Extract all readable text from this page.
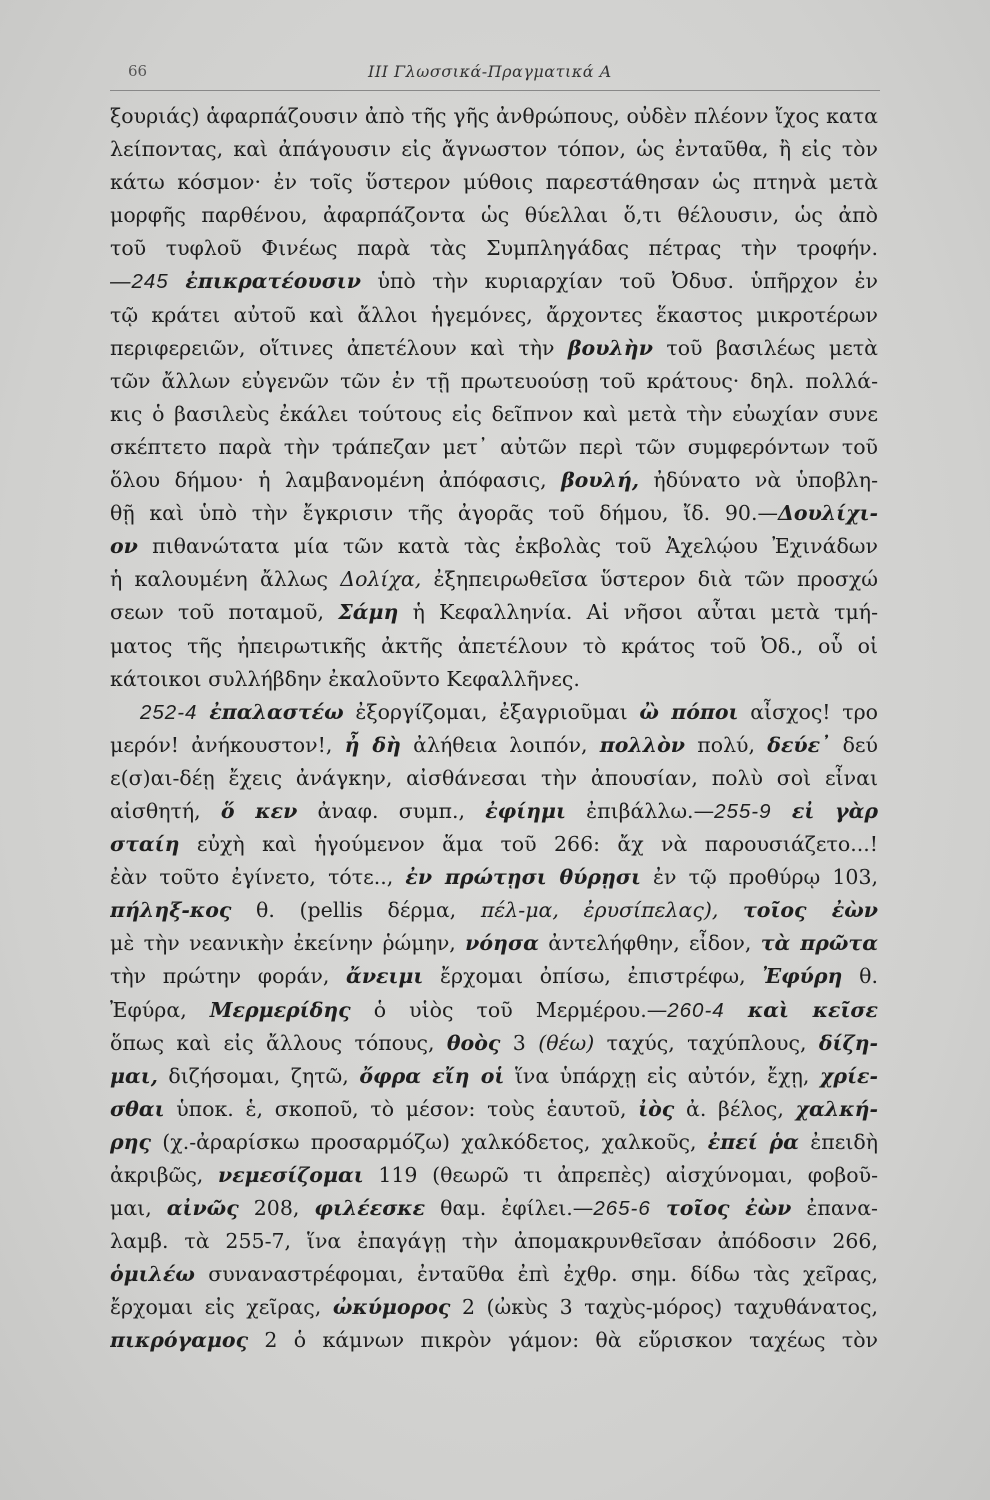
66	III Γλωσσικά-Πραγματικά Α
ξουριάς) ἁφαρπάζουσιν ἀπὸ τῆς γῆς ἀνθρώπους, οὐδὲν πλέονν ἴχος κατα
λείποντας, καὶ ἀπάγουσιν εἰς ἄγνωστον τόπον, ὡς ἐνταῦθα, ἢ εἰς τὸν
κάτω κόσμον· ἐν τοῖς ὕστερον μύθοις παρεστάθησαν ὡς πτηνὰ μετὰ
μορφῆς παρθένου, ἀφαρπάζοντα ὡς θύελλαι ὅ,τι θέλουσιν, ὡς ἀπὸ
τοῦ τυφλοῦ Φινέως παρὰ τὰς Συμπληγάδας πέτρας τὴν τροφήν.
—245 ἐπικρατέουσιν ὑπὸ τὴν κυριαρχίαν τοῦ Ὀδυσ. ὑπῆρχον ἐν
τῷ κράτει αὐτοῦ καὶ ἄλλοι ἡγεμόνες, ἄρχοντες ἕκαστος μικροτέρων
περιφερειῶν, οἵτινες ἀπετέλουν καὶ τὴν βουλὴν τοῦ βασιλέως μετὰ
τῶν ἄλλων εὐγενῶν τῶν ἐν τῇ πρωτευούσῃ τοῦ κράτους· δηλ. πολλά-
κις ὁ βασιλεὺς ἐκάλει τούτους εἰς δεῖπνον καὶ μετὰ τὴν εὐωχίαν συνε
σκέπτετο παρὰ τὴν τράπεζαν μετ᾽ αὐτῶν περὶ τῶν συμφερόντων τοῦ
ὅλου δήμου· ἡ λαμβανομένη ἀπόφασις, βουλή, ἠδύνατο νὰ ὑποβλη-
θῇ καὶ ὑπὸ τὴν ἔγκρισιν τῆς ἀγορᾶς τοῦ δήμου, ἴδ. 90.—Δουλίχι-
ον πιθανώτατα μία τῶν κατὰ τὰς ἐκβολὰς τοῦ Ἀχελῴου Ἐχινάδων
ἡ καλουμένη ἄλλως Δολίχα, ἐξηπειρωθεῖσα ὕστερον διὰ τῶν προσχώ
σεων τοῦ ποταμοῦ, Σάμη ἡ Κεφαλληνία. Αἱ νῆσοι αὗται μετὰ τμή-
ματος τῆς ἠπειρωτικῆς ἀκτῆς ἀπετέλουν τὸ κράτος τοῦ Ὀδ., οὗ οἱ
κάτοικοι συλλήβδην ἐκαλοῦντο Κεφαλλῆνες.
252-4 ἐπαλαστέω ἐξοργίζομαι, ἐξαγριοῦμαι ὢ πόποι αἶσχος! τρο
μερόν! ἀνήκουστον!, ἦ δὴ ἀλήθεια λοιπόν, πολλὸν πολύ, δεύε᾽ δεύ
ε(σ)αι-δέῃ ἔχεις ἀνάγκην, αἰσθάνεσαι τὴν ἀπουσίαν, πολὺ σοὶ εἶναι
αἰσθητή, ὅ κεν ἀναφ. συμπ., ἐφίημι ἐπιβάλλω.—255-9 εἰ γὰρ
σταίη εὐχὴ καὶ ἡγούμενον ἅμα τοῦ 266: ἄχ νὰ παρουσιάζετο...!
ἐὰν τοῦτο ἐγίνετο, τότε.., ἐν πρώτῃσι θύρῃσι ἐν τῷ προθύρῳ 103,
πήληξ-κος θ. (pellis δέρμα, πέλ-μα, ἐρυσίπελας), τοῖος ἐὼν
μὲ τὴν νεανικὴν ἐκείνην ῥώμην, νόησα ἀντελήφθην, εἶδον, τὰ πρῶτα
τὴν πρώτην φοράν, ἄνειμι ἔρχομαι ὀπίσω, ἐπιστρέφω, Ἐφύρη θ.
Ἐφύρα, Μερμερίδης ὁ υἱὸς τοῦ Μερμέρου.—260-4 καὶ κεῖσε
ὅπως καὶ εἰς ἄλλους τόπους, θοὸς 3 (θέω) ταχύς, ταχύπλους, δίζη-
μαι, διζήσομαι, ζητῶ, ὄφρα εἴη οἱ ἵνα ὑπάρχῃ εἰς αὐτόν, ἔχῃ, χρίε-
σθαι ὑποκ. ἑ, σκοποῦ, τὸ μέσον: τοὺς ἑαυτοῦ, ἰὸς ἀ. βέλος, χαλκή-
ρης (χ.-ἀραρίσκω προσαρμόζω) χαλκόδετος, χαλκοῦς, ἐπεί ῥα ἐπειδὴ
ἀκριβῶς, νεμεσίζομαι 119 (θεωρῶ τι ἀπρεπὲς) αἰσχύνομαι, φοβοῦ-
μαι, αἰνῶς 208, φιλέεσκε θαμ. ἐφίλει.—265-6 τοῖος ἐὼν ἐπανα-
λαμβ. τὰ 255-7, ἵνα ἐπαγάγῃ τὴν ἀπομακρυνθεῖσαν ἀπόδοσιν 266,
ὁμιλέω συναναστρέφομαι, ἐνταῦθα ἐπὶ ἐχθρ. σημ. δίδω τὰς χεῖρας,
ἔρχομαι εἰς χεῖρας, ὠκύμορος 2 (ὠκὺς 3 ταχὺς-μόρος) ταχυθάνατος,
πικρόγαμος 2 ὁ κάμνων πικρὸν γάμον: θὰ εὕρισκον ταχέως τὸν
